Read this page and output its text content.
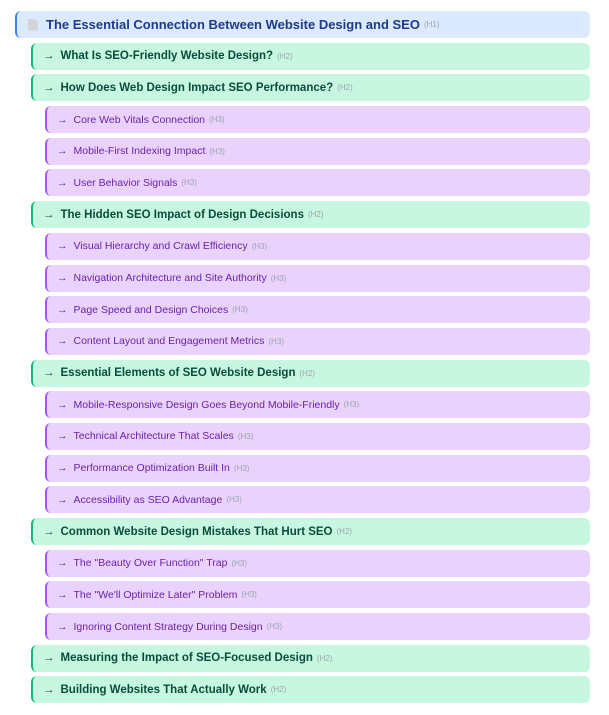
The Essential Connection Between Website Design and SEO (H1)
→ What Is SEO-Friendly Website Design? (H2)
→ How Does Web Design Impact SEO Performance? (H2)
→ Core Web Vitals Connection (H3)
→ Mobile-First Indexing Impact (H3)
→ User Behavior Signals (H3)
→ The Hidden SEO Impact of Design Decisions (H2)
→ Visual Hierarchy and Crawl Efficiency (H3)
→ Navigation Architecture and Site Authority (H3)
→ Page Speed and Design Choices (H3)
→ Content Layout and Engagement Metrics (H3)
→ Essential Elements of SEO Website Design (H2)
→ Mobile-Responsive Design Goes Beyond Mobile-Friendly (H3)
→ Technical Architecture That Scales (H3)
→ Performance Optimization Built In (H3)
→ Accessibility as SEO Advantage (H3)
→ Common Website Design Mistakes That Hurt SEO (H2)
→ The "Beauty Over Function" Trap (H3)
→ The "We'll Optimize Later" Problem (H3)
→ Ignoring Content Strategy During Design (H3)
→ Measuring the Impact of SEO-Focused Design (H2)
→ Building Websites That Actually Work (H2)
